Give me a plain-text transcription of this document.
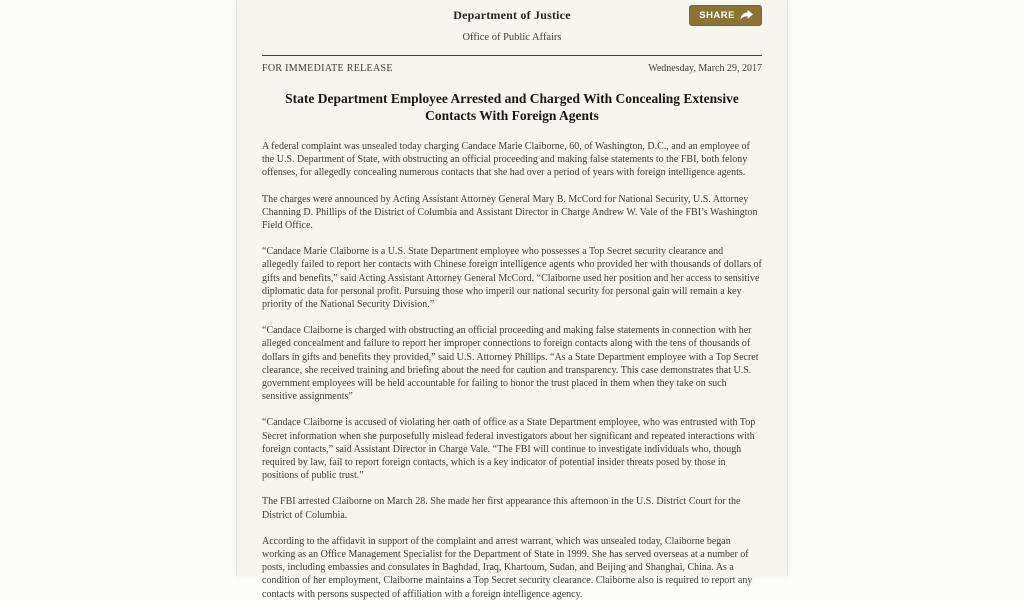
Department of Justice
Office of Public Affairs
SHARE
FOR IMMEDIATE RELEASE	Wednesday, March 29, 2017
State Department Employee Arrested and Charged With Concealing Extensive Contacts With Foreign Agents

A federal complaint was unsealed today charging Candace Marie Claiborne, 60, of Washington, D.C., and an employee of the U.S. Department of State, with obstructing an official proceeding and making false statements to the FBI, both felony offenses, for allegedly concealing numerous contacts that she had over a period of years with foreign intelligence agents.

The charges were announced by Acting Assistant Attorney General Mary B. McCord for National Security, U.S. Attorney Channing D. Phillips of the District of Columbia and Assistant Director in Charge Andrew W. Vale of the FBI’s Washington Field Office.

“Candace Marie Claiborne is a U.S. State Department employee who possesses a Top Secret security clearance and allegedly failed to report her contacts with Chinese foreign intelligence agents who provided her with thousands of dollars of gifts and benefits,” said Acting Assistant Attorney General McCord. “Claiborne used her position and her access to sensitive diplomatic data for personal profit. Pursuing those who imperil our national security for personal gain will remain a key priority of the National Security Division.”

“Candace Claiborne is charged with obstructing an official proceeding and making false statements in connection with her alleged concealment and failure to report her improper connections to foreign contacts along with the tens of thousands of dollars in gifts and benefits they provided,” said U.S. Attorney Phillips. “As a State Department employee with a Top Secret clearance, she received training and briefing about the need for caution and transparency. This case demonstrates that U.S. government employees will be held accountable for failing to honor the trust placed in them when they take on such sensitive assignments”

“Candace Claiborne is accused of violating her oath of office as a State Department employee, who was entrusted with Top Secret information when she purposefully mislead federal investigators about her significant and repeated interactions with foreign contacts,” said Assistant Director in Charge Vale. “The FBI will continue to investigate individuals who, though required by law, fail to report foreign contacts, which is a key indicator of potential insider threats posed by those in positions of public trust.”

The FBI arrested Claiborne on March 28. She made her first appearance this afternoon in the U.S. District Court for the District of Columbia.

According to the affidavit in support of the complaint and arrest warrant, which was unsealed today, Claiborne began working as an Office Management Specialist for the Department of State in 1999. She has served overseas at a number of posts, including embassies and consulates in Baghdad, Iraq, Khartoum, Sudan, and Beijing and Shanghai, China. As a condition of her employment, Claiborne maintains a Top Secret security clearance. Claiborne also is required to report any contacts with persons suspected of affiliation with a foreign intelligence agency.
